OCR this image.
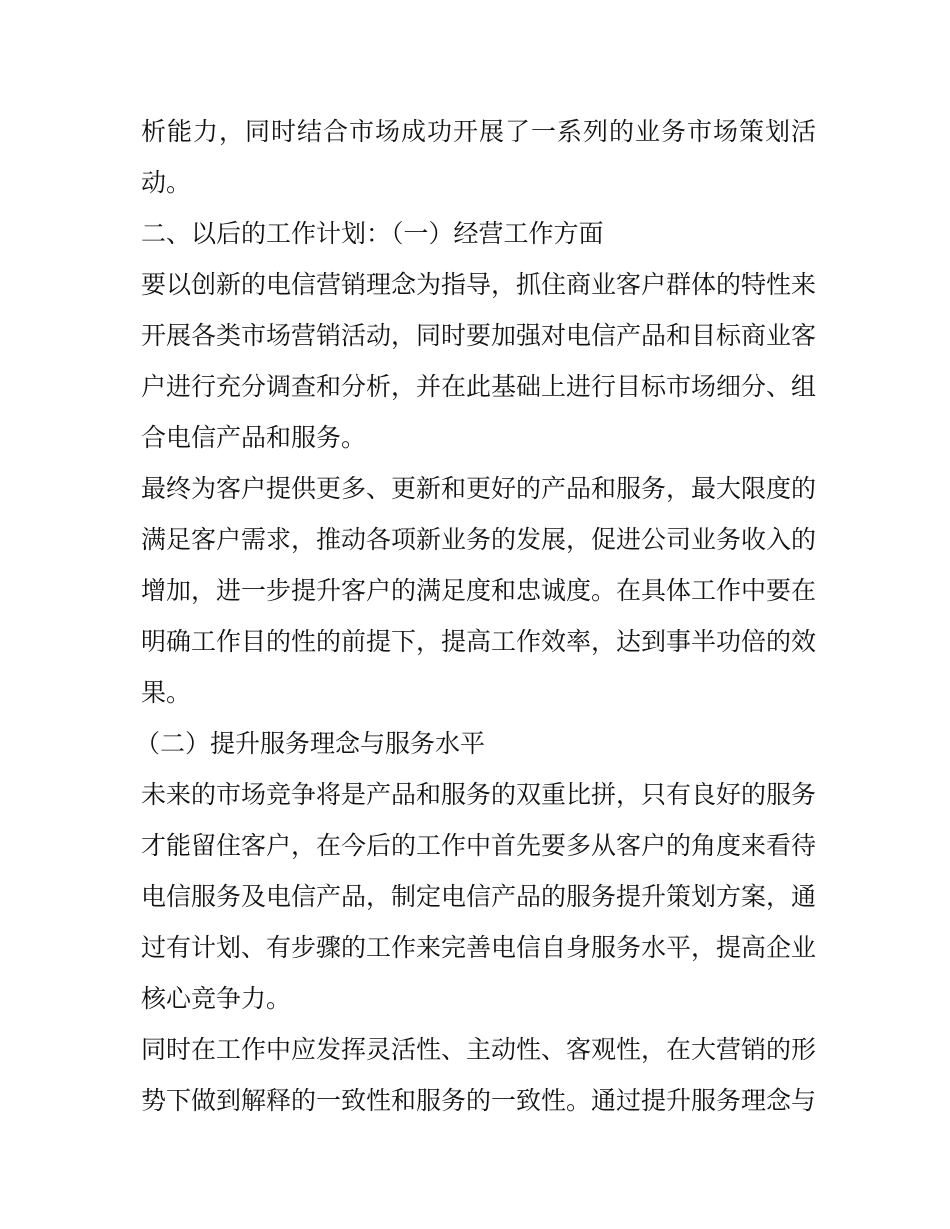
析能力，同时结合市场成功开展了一系列的业务市场策划活
动。
二、以后的工作计划：（一）经营工作方面
要以创新的电信营销理念为指导，抓住商业客户群体的特性来
开展各类市场营销活动，同时要加强对电信产品和目标商业客
户进行充分调查和分析，并在此基础上进行目标市场细分、组
合电信产品和服务。
最终为客户提供更多、更新和更好的产品和服务，最大限度的
满足客户需求，推动各项新业务的发展，促进公司业务收入的
增加，进一步提升客户的满足度和忠诚度。在具体工作中要在
明确工作目的性的前提下，提高工作效率，达到事半功倍的效
果。
（二）提升服务理念与服务水平
未来的市场竞争将是产品和服务的双重比拼，只有良好的服务
才能留住客户，在今后的工作中首先要多从客户的角度来看待
电信服务及电信产品，制定电信产品的服务提升策划方案，通
过有计划、有步骤的工作来完善电信自身服务水平，提高企业
核心竞争力。
同时在工作中应发挥灵活性、主动性、客观性，在大营销的形
势下做到解释的一致性和服务的一致性。通过提升服务理念与
